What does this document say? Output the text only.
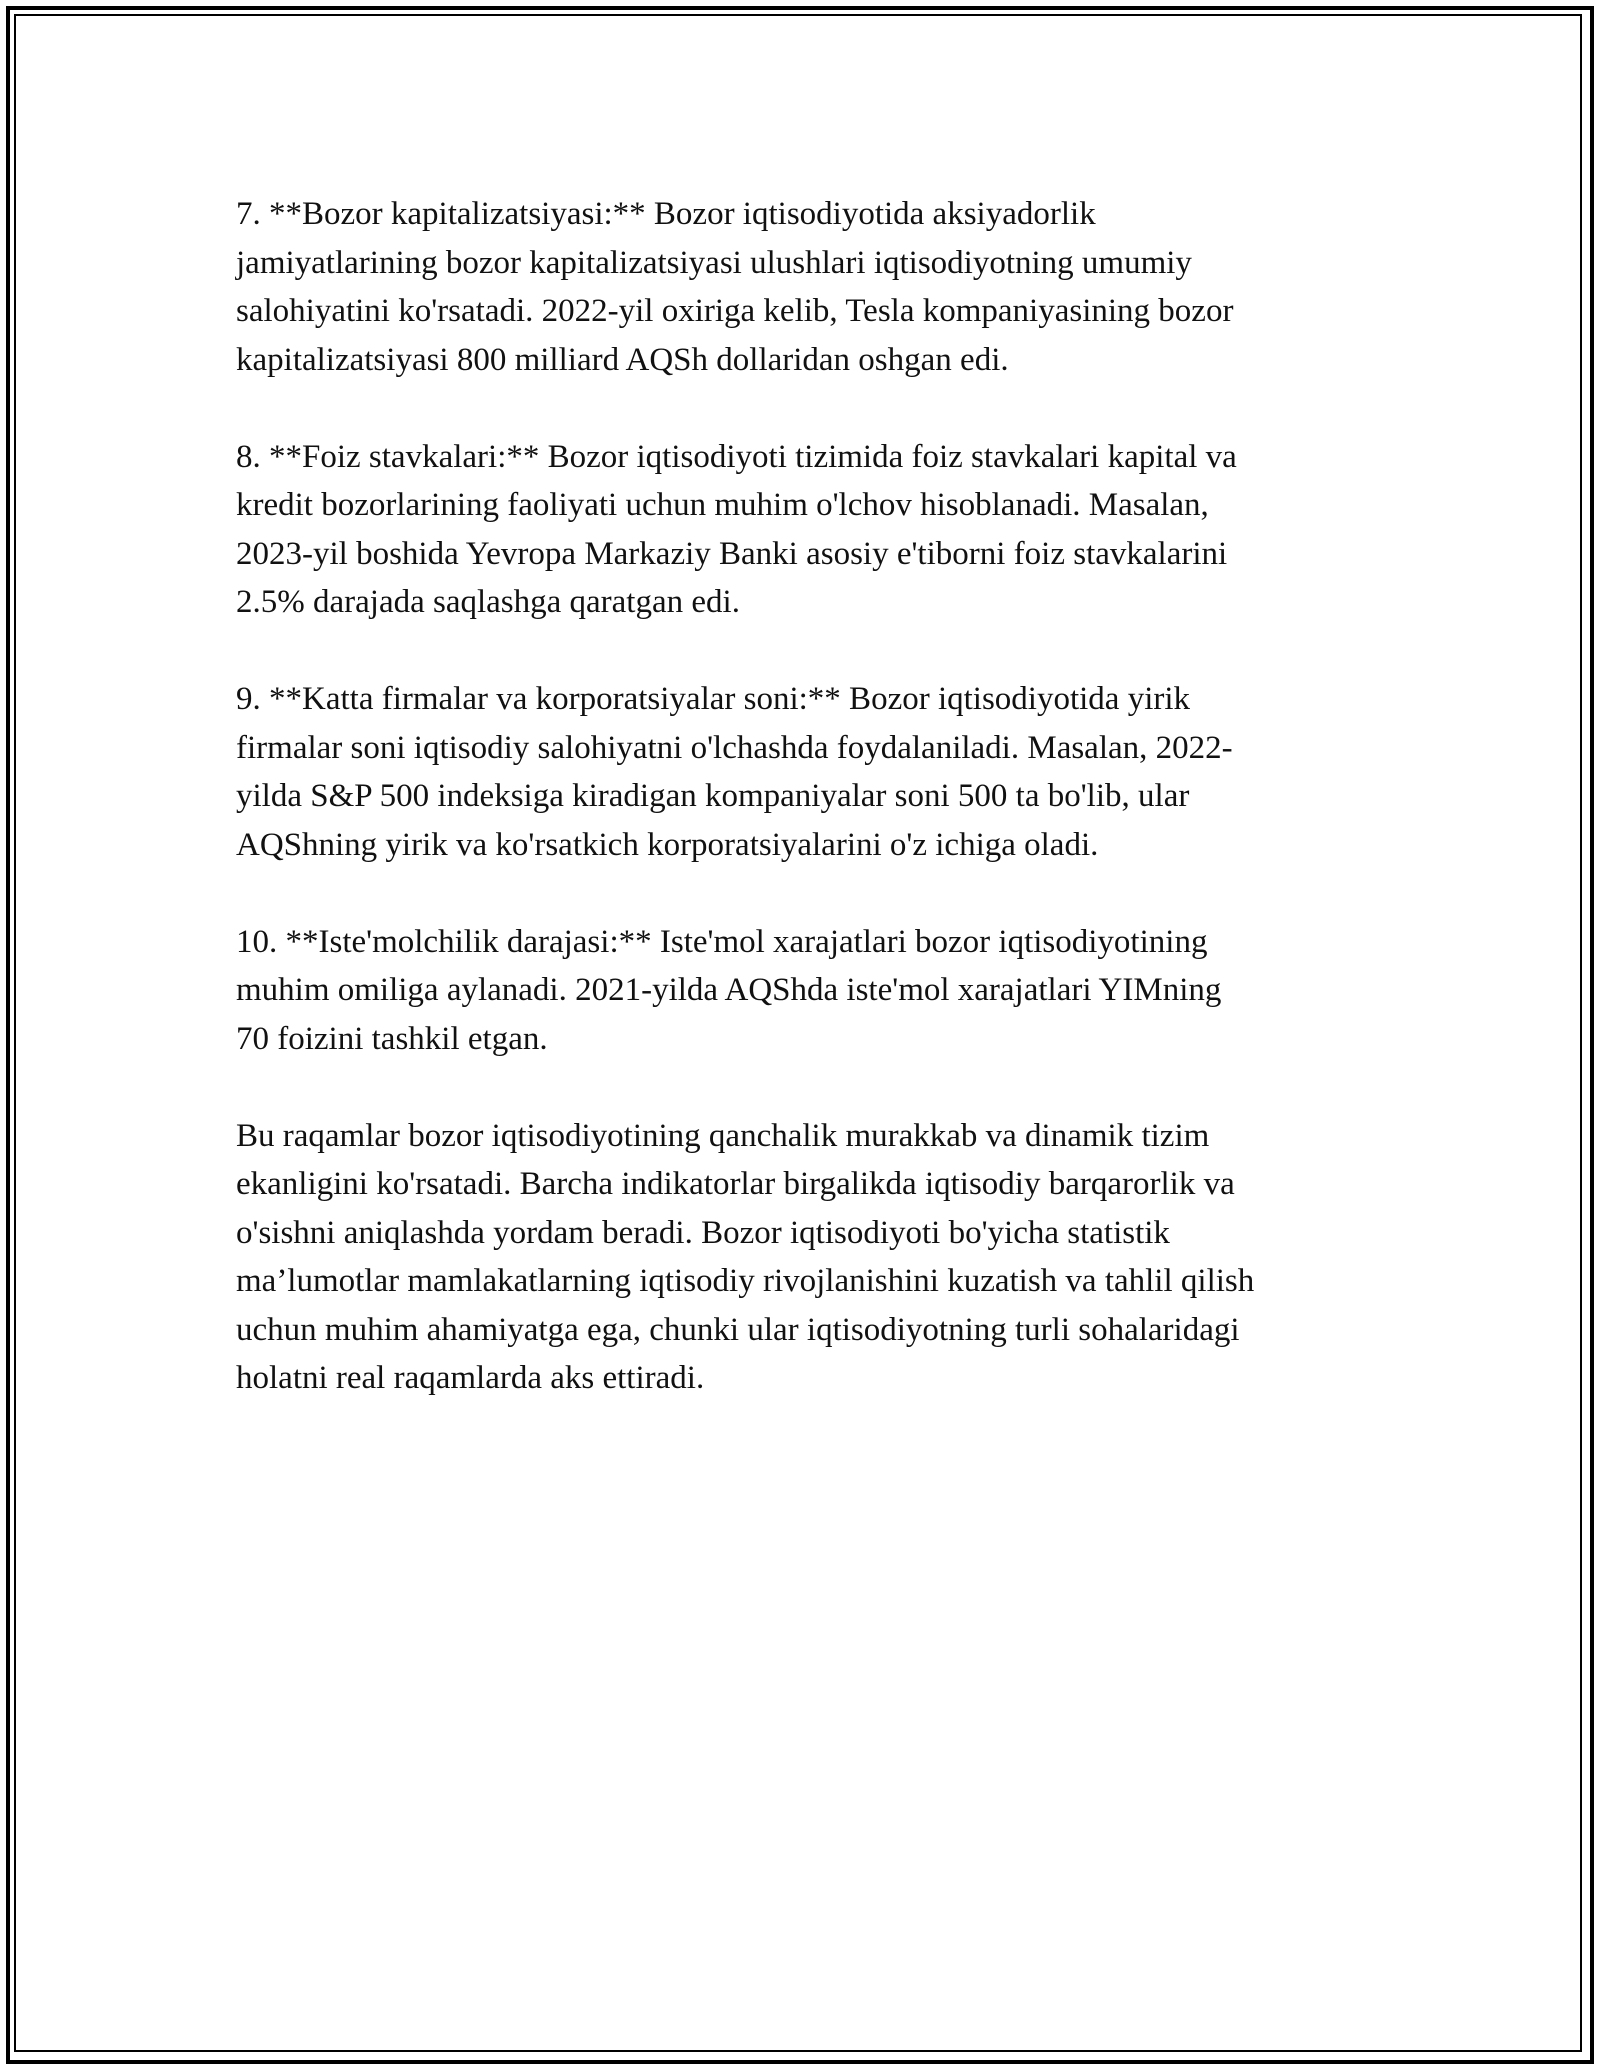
7. **Bozor kapitalizatsiyasi:** Bozor iqtisodiyotida aksiyadorlik
jamiyatlarining bozor kapitalizatsiyasi ulushlari iqtisodiyotning umumiy
salohiyatini ko'rsatadi. 2022-yil oxiriga kelib, Tesla kompaniyasining bozor
kapitalizatsiyasi 800 milliard AQSh dollaridan oshgan edi.

8. **Foiz stavkalari:** Bozor iqtisodiyoti tizimida foiz stavkalari kapital va
kredit bozorlarining faoliyati uchun muhim o'lchov hisoblanadi. Masalan,
2023-yil boshida Yevropa Markaziy Banki asosiy e'tiborni foiz stavkalarini
2.5% darajada saqlashga qaratgan edi.

9. **Katta firmalar va korporatsiyalar soni:** Bozor iqtisodiyotida yirik
firmalar soni iqtisodiy salohiyatni o'lchashda foydalaniladi. Masalan, 2022-
yilda S&P 500 indeksiga kiradigan kompaniyalar soni 500 ta bo'lib, ular
AQShning yirik va ko'rsatkich korporatsiyalarini o'z ichiga oladi.

10. **Iste'molchilik darajasi:** Iste'mol xarajatlari bozor iqtisodiyotining
muhim omiliga aylanadi. 2021-yilda AQShda iste'mol xarajatlari YIMning
70 foizini tashkil etgan.

Bu raqamlar bozor iqtisodiyotining qanchalik murakkab va dinamik tizim
ekanligini ko'rsatadi. Barcha indikatorlar birgalikda iqtisodiy barqarorlik va
o'sishni aniqlashda yordam beradi. Bozor iqtisodiyoti bo'yicha statistik
ma’lumotlar mamlakatlarning iqtisodiy rivojlanishini kuzatish va tahlil qilish
uchun muhim ahamiyatga ega, chunki ular iqtisodiyotning turli sohalaridagi
holatni real raqamlarda aks ettiradi.
